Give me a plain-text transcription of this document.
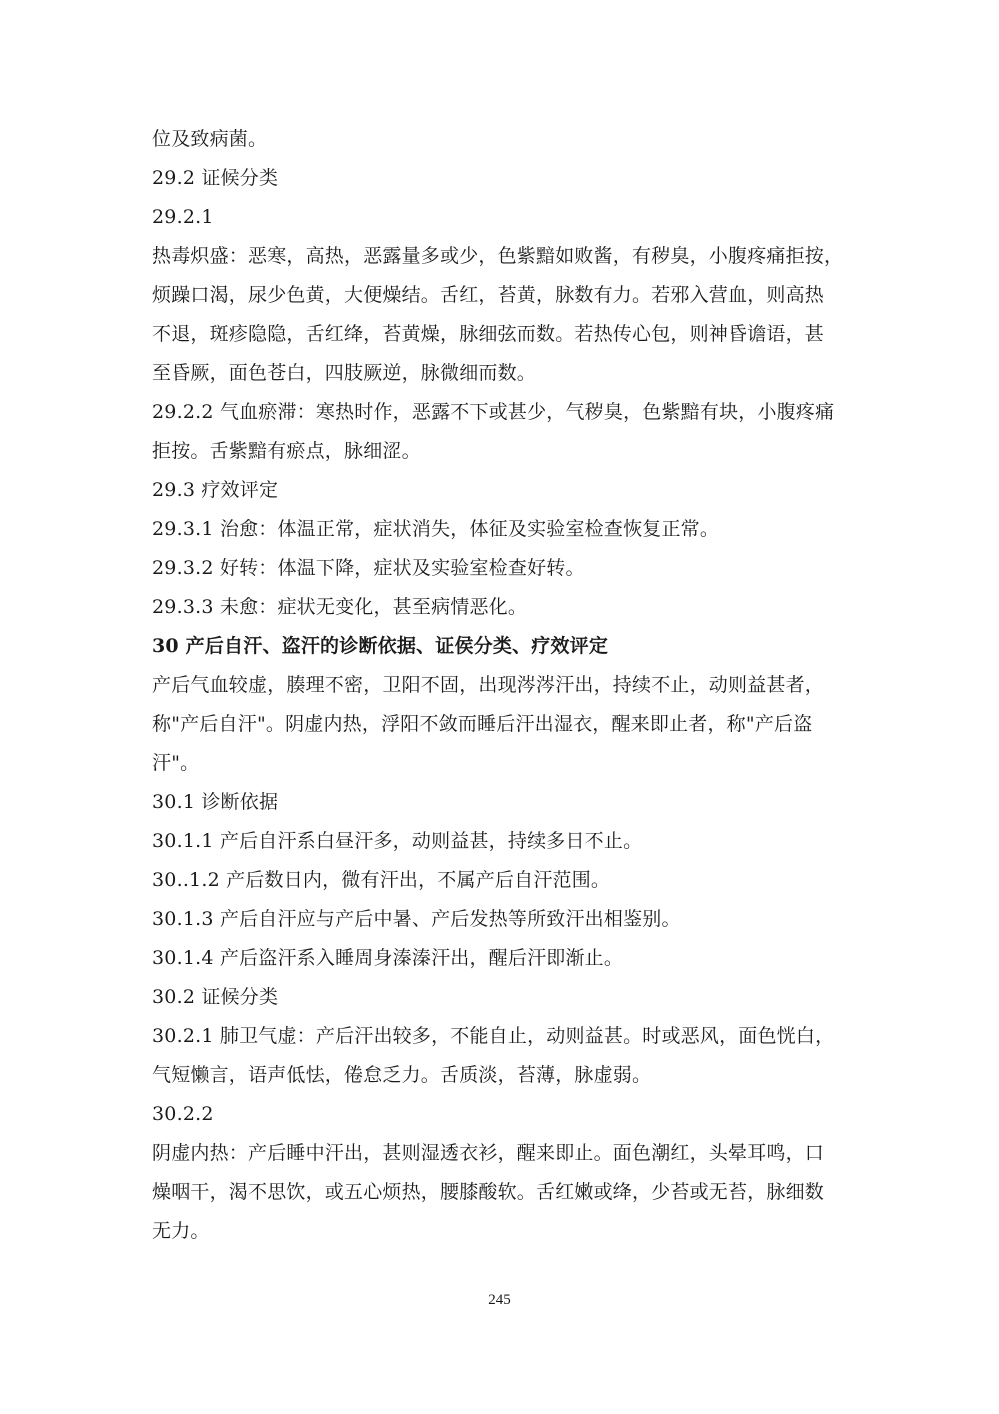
位及致病菌。
29.2 证候分类
29.2.1
热毒炽盛：恶寒，高热，恶露量多或少，色紫黯如败酱，有秽臭，小腹疼痛拒按，
烦躁口渴，尿少色黄，大便燥结。舌红，苔黄，脉数有力。若邪入营血，则高热
不退，斑疹隐隐，舌红绛，苔黄燥，脉细弦而数。若热传心包，则神昏谵语，甚
至昏厥，面色苍白，四肢厥逆，脉微细而数。
29.2.2 气血瘀滞：寒热时作，恶露不下或甚少，气秽臭，色紫黯有块，小腹疼痛
拒按。舌紫黯有瘀点，脉细涩。
29.3 疗效评定
29.3.1 治愈：体温正常，症状消失，体征及实验室检查恢复正常。
29.3.2 好转：体温下降，症状及实验室检查好转。
29.3.3 未愈：症状无变化，甚至病情恶化。
30 产后自汗、盗汗的诊断依据、证侯分类、疗效评定
产后气血较虚，腠理不密，卫阳不固，出现涔涔汗出，持续不止，动则益甚者，
称"产后自汗"。阴虚内热，浮阳不敛而睡后汗出湿衣，醒来即止者，称"产后盗
汗"。
30.1 诊断依据
30.1.1 产后自汗系白昼汗多，动则益甚，持续多日不止。
30..1.2 产后数日内，微有汗出，不属产后自汗范围。
30.1.3 产后自汗应与产后中暑、产后发热等所致汗出相鉴别。
30.1.4 产后盗汗系入睡周身溱溱汗出，醒后汗即渐止。
30.2 证候分类
30.2.1 肺卫气虚：产后汗出较多，不能自止，动则益甚。时或恶风，面色恍白，
气短懒言，语声低怯，倦怠乏力。舌质淡，苔薄，脉虚弱。
30.2.2
阴虚内热：产后睡中汗出，甚则湿透衣衫，醒来即止。面色潮红，头晕耳鸣，口
燥咽干，渴不思饮，或五心烦热，腰膝酸软。舌红嫩或绛，少苔或无苔，脉细数
无力。
245
